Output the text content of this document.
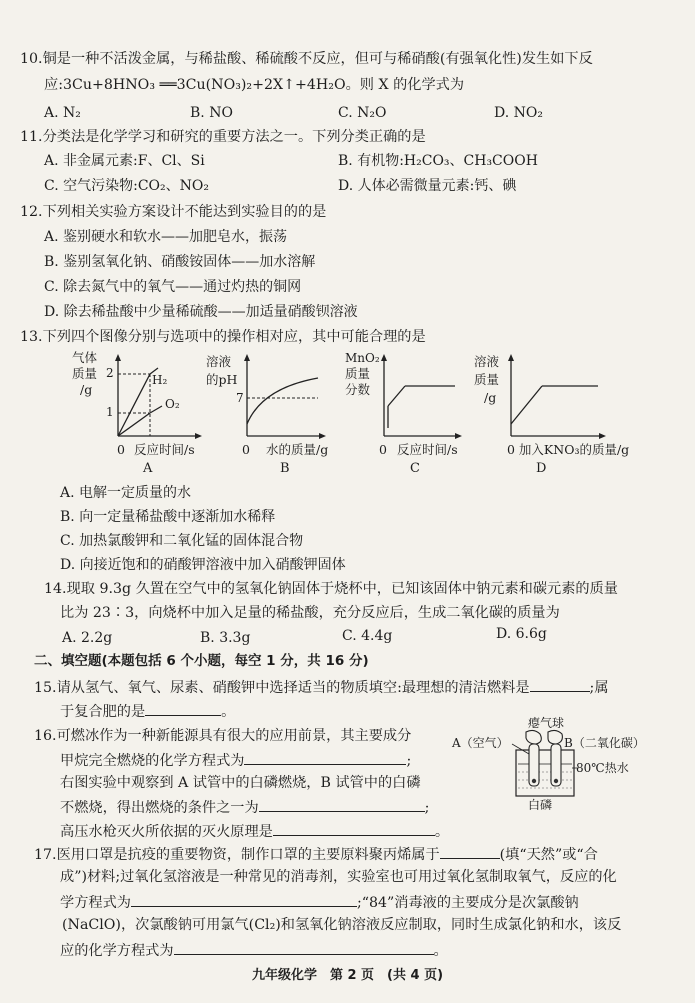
10.铜是一种不活泼金属，与稀盐酸、稀硫酸不反应，但可与稀硝酸(有强氧化性)发生如下反
应:3Cu+8HNO₃ ══3Cu(NO₃)₂+2X↑+4H₂O。则 X 的化学式为
A. N₂	B. NO	C. N₂O	D. NO₂
11.分类法是化学学习和研究的重要方法之一。下列分类正确的是
A. 非金属元素:F、Cl、Si	B. 有机物:H₂CO₃、CH₃COOH
C. 空气污染物:CO₂、NO₂	D. 人体必需微量元素:钙、碘
12.下列相关实验方案设计不能达到实验目的的是
A. 鉴别硬水和软水——加肥皂水，振荡
B. 鉴别氢氧化钠、硝酸铵固体——加水溶解
C. 除去氮气中的氧气——通过灼热的铜网
D. 除去稀盐酸中少量稀硫酸——加适量硝酸钡溶液
13.下列四个图像分别与选项中的操作相对应，其中可能合理的是
气体
质量
/g
2
1
H₂
O₂
0 反应时间/s
A
溶液
的pH
7
0 水的质量/g
B
MnO₂
质量
分数
0 反应时间/s
C
溶液
质量
/g
0 加入KNO₃的质量/g
D
A. 电解一定质量的水
B. 向一定量稀盐酸中逐渐加水稀释
C. 加热氯酸钾和二氧化锰的固体混合物
D. 向接近饱和的硝酸钾溶液中加入硝酸钾固体
14.现取 9.3g 久置在空气中的氢氧化钠固体于烧杯中，已知该固体中钠元素和碳元素的质量
比为 23∶3，向烧杯中加入足量的稀盐酸，充分反应后，生成二氧化碳的质量为
A. 2.2g	B. 3.3g	C. 4.4g	D. 6.6g
二、填空题(本题包括 6 个小题，每空 1 分，共 16 分)
15.请从氢气、氧气、尿素、硝酸钾中选择适当的物质填空:最理想的清洁燃料是	;属
于复合肥的是	。
16.可燃冰作为一种新能源具有很大的应用前景，其主要成分
甲烷完全燃烧的化学方程式为	;
右图实验中观察到 A 试管中的白磷燃烧，B 试管中的白磷
不燃烧，得出燃烧的条件之一为	;
高压水枪灭火所依据的灭火原理是	。
瘪气球
A（空气）	B（二氧化碳）
80℃热水
白磷
17.医用口罩是抗疫的重要物资，制作口罩的主要原料聚丙烯属于	(填“天然”或“合
成”)材料;过氧化氢溶液是一种常见的消毒剂，实验室也可用过氧化氢制取氧气，反应的化
学方程式为	;“84”消毒液的主要成分是次氯酸钠
(NaClO)，次氯酸钠可用氯气(Cl₂)和氢氧化钠溶液反应制取，同时生成氯化钠和水，该反
应的化学方程式为	。
九年级化学　第 2 页　(共 4 页)
